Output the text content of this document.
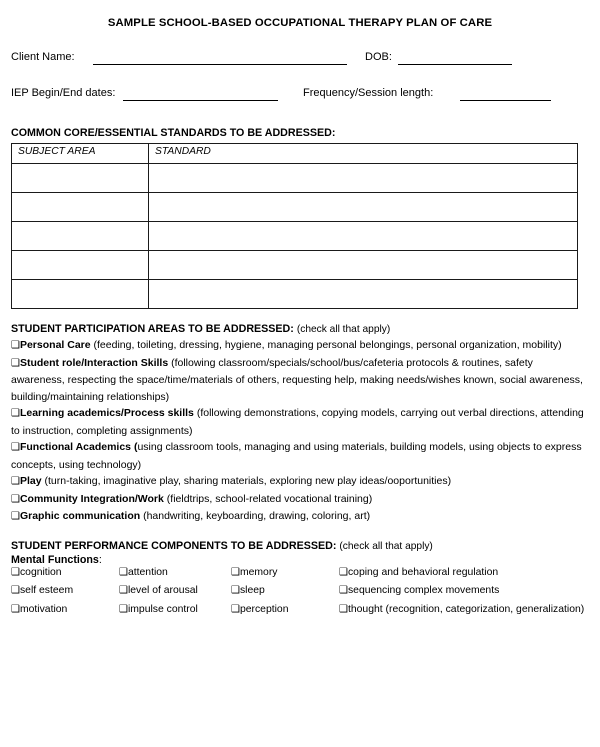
SAMPLE SCHOOL-BASED OCCUPATIONAL THERAPY PLAN OF CARE
Client Name:	DOB:
IEP Begin/End dates:	Frequency/Session length:
COMMON CORE/ESSENTIAL STANDARDS TO BE ADDRESSED:
SUBJECT AREA	STANDARD

STUDENT PARTICIPATION AREAS TO BE ADDRESSED: (check all that apply)
❑Personal Care (feeding, toileting, dressing, hygiene, managing personal belongings, personal organization, mobility)
❑Student role/Interaction Skills (following classroom/specials/school/bus/cafeteria protocols & routines, safety awareness, respecting the space/time/materials of others, requesting help, making needs/wishes known, social awareness, building/maintaining relationships)
❑Learning academics/Process skills (following demonstrations, copying models, carrying out verbal directions, attending to instruction, completing assignments)
❑Functional Academics (using classroom tools, managing and using materials, building models, using objects to express concepts, using technology)
❑Play (turn-taking, imaginative play, sharing materials, exploring new play ideas/ooportunities)
❑Community Integration/Work (fieldtrips, school-related vocational training)
❑Graphic communication (handwriting, keyboarding, drawing, coloring, art)
STUDENT PERFORMANCE COMPONENTS TO BE ADDRESSED: (check all that apply)
Mental Functions:
❑cognition	❑attention	❑memory	❑coping and behavioral regulation
❑self esteem	❑level of arousal	❑sleep	❑sequencing complex movements
❑motivation	❑impulse control	❑perception	❑thought (recognition, categorization, generalization)
